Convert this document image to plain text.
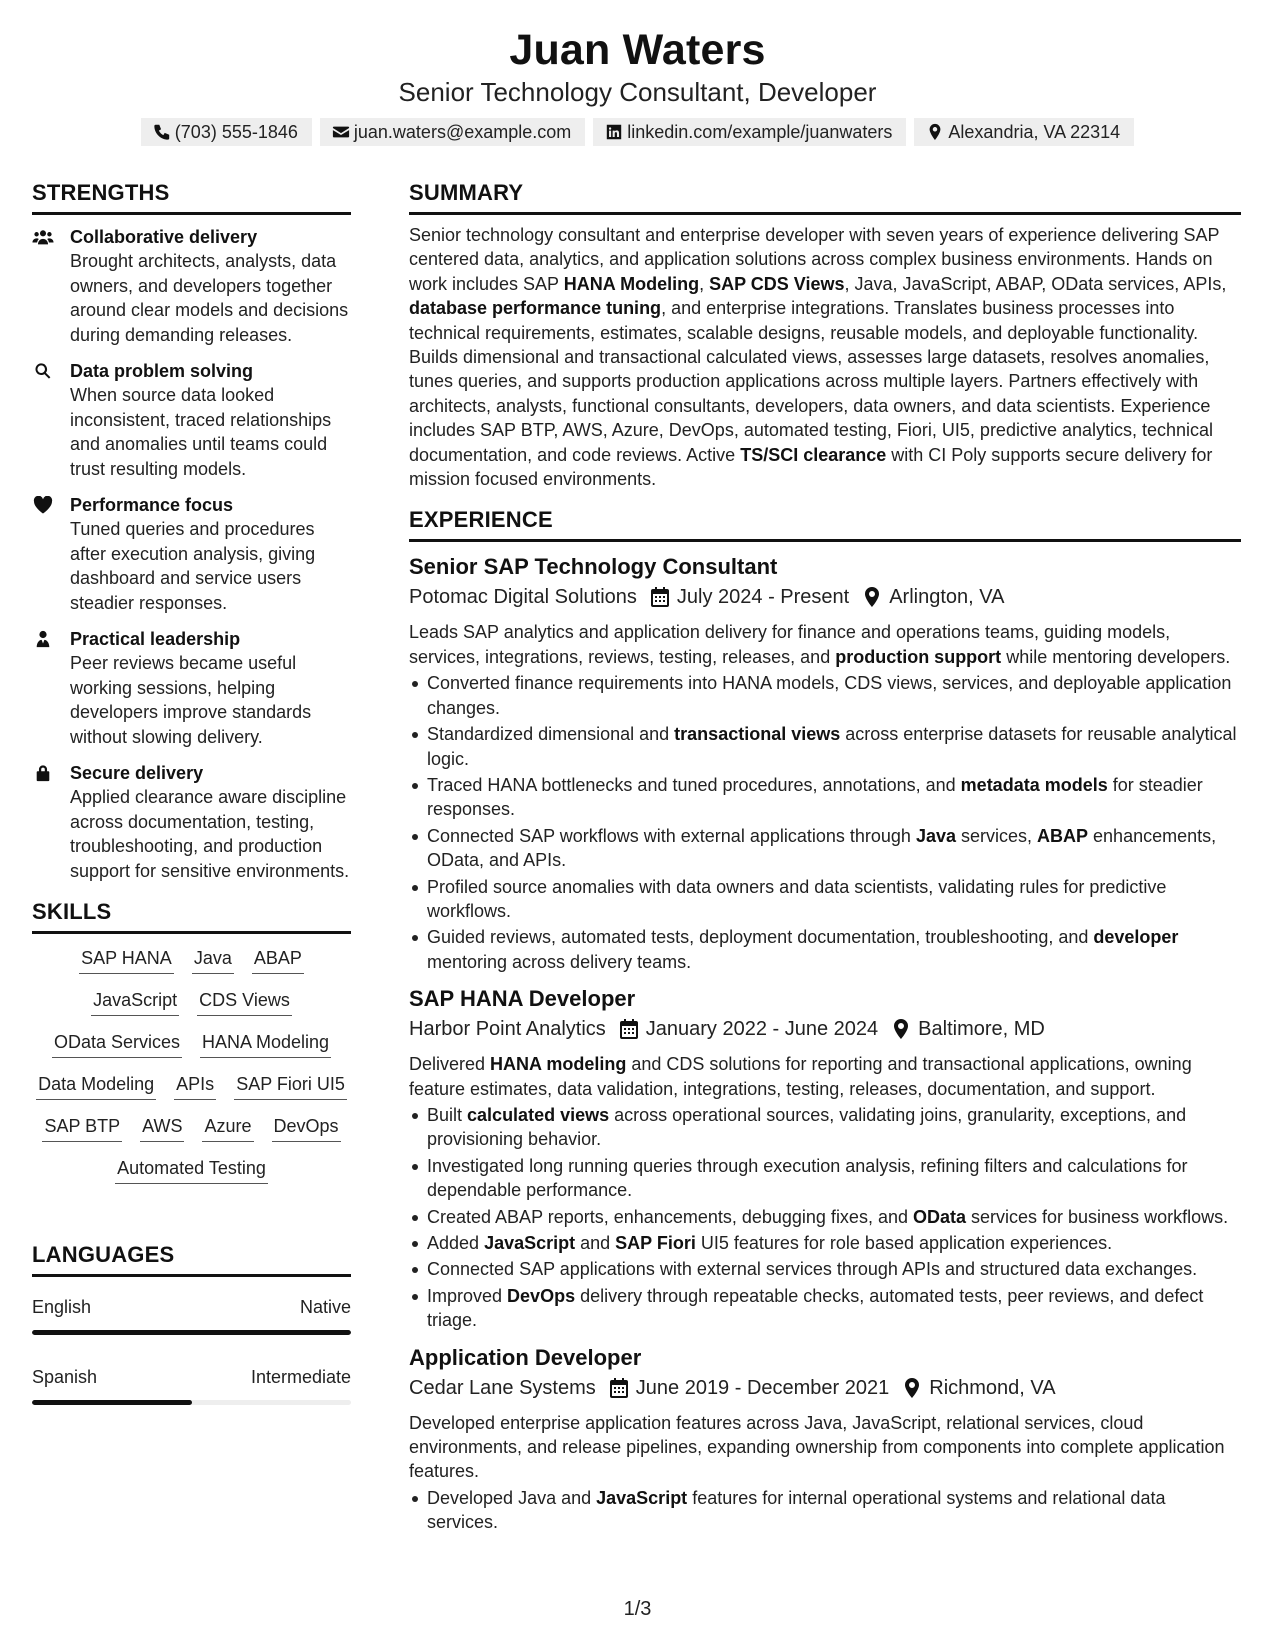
Juan Waters
Senior Technology Consultant, Developer
(703) 555-1846	juan.waters@example.com	linkedin.com/example/juanwaters	Alexandria, VA 22314
STRENGTHS
Collaborative delivery
Brought architects, analysts, data owners, and developers together around clear models and decisions during demanding releases.
Data problem solving
When source data looked inconsistent, traced relationships and anomalies until teams could trust resulting models.
Performance focus
Tuned queries and procedures after execution analysis, giving dashboard and service users steadier responses.
Practical leadership
Peer reviews became useful working sessions, helping developers improve standards without slowing delivery.
Secure delivery
Applied clearance aware discipline across documentation, testing, troubleshooting, and production support for sensitive environments.
SKILLS
SAP HANA Java ABAP
JavaScript CDS Views
OData Services HANA Modeling
Data Modeling APIs SAP Fiori UI5
SAP BTP AWS Azure DevOps
Automated Testing
LANGUAGES
English	Native
Spanish	Intermediate
SUMMARY
Senior technology consultant and enterprise developer with seven years of experience delivering SAP centered data, analytics, and application solutions across complex business environments. Hands on work includes SAP HANA Modeling, SAP CDS Views, Java, JavaScript, ABAP, OData services, APIs, database performance tuning, and enterprise integrations. Translates business processes into technical requirements, estimates, scalable designs, reusable models, and deployable functionality. Builds dimensional and transactional calculated views, assesses large datasets, resolves anomalies, tunes queries, and supports production applications across multiple layers. Partners effectively with architects, analysts, functional consultants, developers, data owners, and data scientists. Experience includes SAP BTP, AWS, Azure, DevOps, automated testing, Fiori, UI5, predictive analytics, technical documentation, and code reviews. Active TS/SCI clearance with CI Poly supports secure delivery for mission focused environments.
EXPERIENCE
Senior SAP Technology Consultant
Potomac Digital Solutions July 2024 - Present Arlington, VA
Leads SAP analytics and application delivery for finance and operations teams, guiding models, services, integrations, reviews, testing, releases, and production support while mentoring developers.
Converted finance requirements into HANA models, CDS views, services, and deployable application changes.
Standardized dimensional and transactional views across enterprise datasets for reusable analytical logic.
Traced HANA bottlenecks and tuned procedures, annotations, and metadata models for steadier responses.
Connected SAP workflows with external applications through Java services, ABAP enhancements, OData, and APIs.
Profiled source anomalies with data owners and data scientists, validating rules for predictive workflows.
Guided reviews, automated tests, deployment documentation, troubleshooting, and developer mentoring across delivery teams.
SAP HANA Developer
Harbor Point Analytics January 2022 - June 2024 Baltimore, MD
Delivered HANA modeling and CDS solutions for reporting and transactional applications, owning feature estimates, data validation, integrations, testing, releases, documentation, and support.
Built calculated views across operational sources, validating joins, granularity, exceptions, and provisioning behavior.
Investigated long running queries through execution analysis, refining filters and calculations for dependable performance.
Created ABAP reports, enhancements, debugging fixes, and OData services for business workflows.
Added JavaScript and SAP Fiori UI5 features for role based application experiences.
Connected SAP applications with external services through APIs and structured data exchanges.
Improved DevOps delivery through repeatable checks, automated tests, peer reviews, and defect triage.
Application Developer
Cedar Lane Systems June 2019 - December 2021 Richmond, VA
Developed enterprise application features across Java, JavaScript, relational services, cloud environments, and release pipelines, expanding ownership from components into complete application features.
Developed Java and JavaScript features for internal operational systems and relational data services.
1/3
